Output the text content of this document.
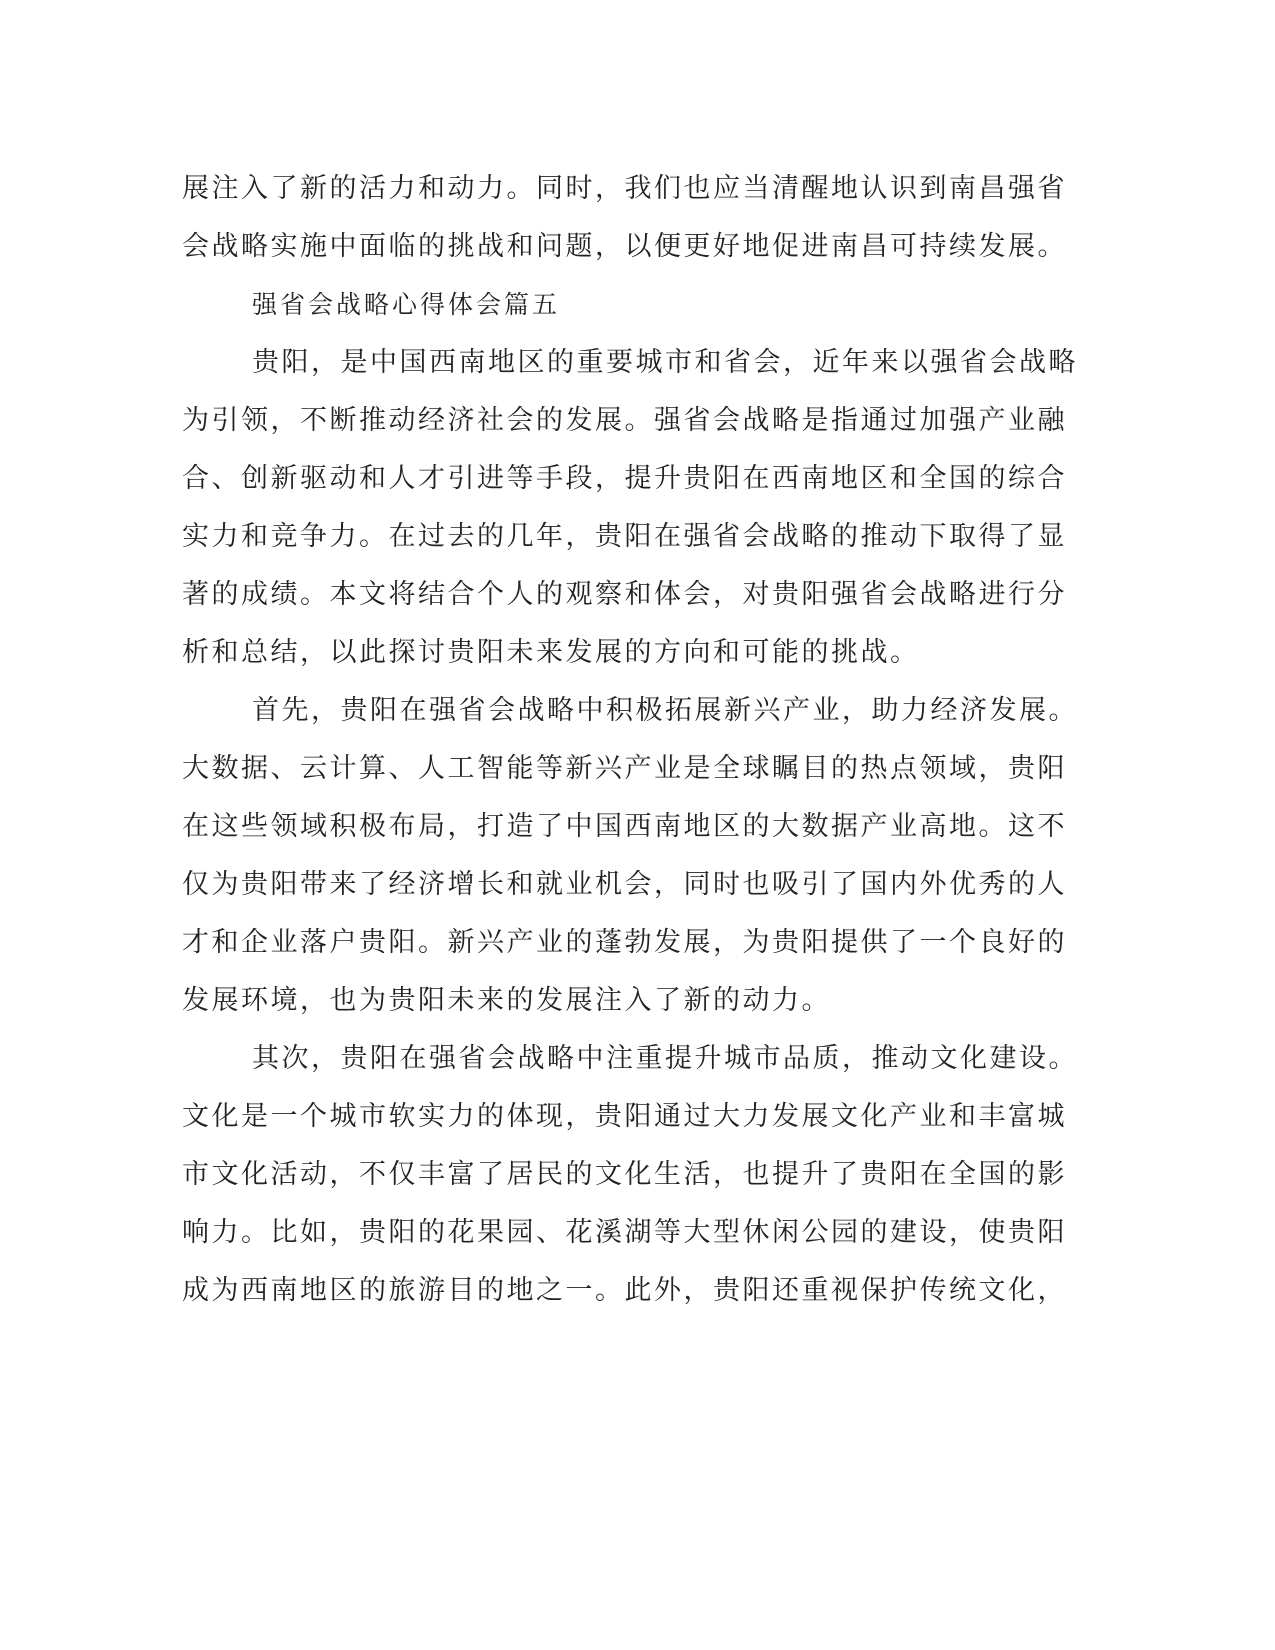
展注入了新的活力和动力。同时，我们也应当清醒地认识到南昌强省
会战略实施中面临的挑战和问题，以便更好地促进南昌可持续发展。
强省会战略心得体会篇五
贵阳，是中国西南地区的重要城市和省会，近年来以强省会战略
为引领，不断推动经济社会的发展。强省会战略是指通过加强产业融
合、创新驱动和人才引进等手段，提升贵阳在西南地区和全国的综合
实力和竞争力。在过去的几年，贵阳在强省会战略的推动下取得了显
著的成绩。本文将结合个人的观察和体会，对贵阳强省会战略进行分
析和总结，以此探讨贵阳未来发展的方向和可能的挑战。
首先，贵阳在强省会战略中积极拓展新兴产业，助力经济发展。
大数据、云计算、人工智能等新兴产业是全球瞩目的热点领域，贵阳
在这些领域积极布局，打造了中国西南地区的大数据产业高地。这不
仅为贵阳带来了经济增长和就业机会，同时也吸引了国内外优秀的人
才和企业落户贵阳。新兴产业的蓬勃发展，为贵阳提供了一个良好的
发展环境，也为贵阳未来的发展注入了新的动力。
其次，贵阳在强省会战略中注重提升城市品质，推动文化建设。
文化是一个城市软实力的体现，贵阳通过大力发展文化产业和丰富城
市文化活动，不仅丰富了居民的文化生活，也提升了贵阳在全国的影
响力。比如，贵阳的花果园、花溪湖等大型休闲公园的建设，使贵阳
成为西南地区的旅游目的地之一。此外，贵阳还重视保护传统文化，
